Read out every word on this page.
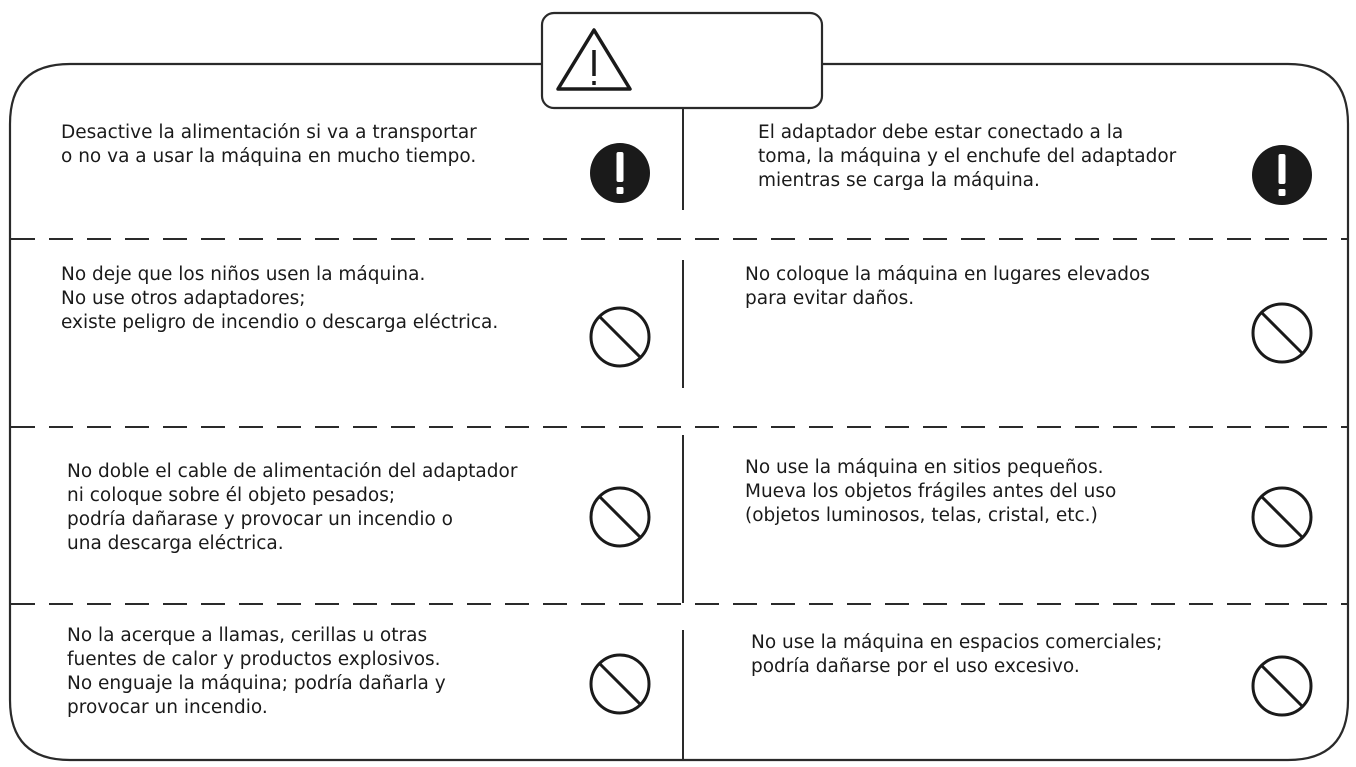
Desactive la alimentación si va a transportar
o no va a usar la máquina en mucho tiempo.
El adaptador debe estar conectado a la
toma, la máquina y el enchufe del adaptador
mientras se carga la máquina.
No deje que los niños usen la máquina.
No use otros adaptadores;
existe peligro de incendio o descarga eléctrica.
No coloque la máquina en lugares elevados
para evitar daños.
No doble el cable de alimentación del adaptador
ni coloque sobre él objeto pesados;
podría dañarase y provocar un incendio o
una descarga eléctrica.
No use la máquina en sitios pequeños.
Mueva los objetos frágiles antes del uso
(objetos luminosos, telas, cristal, etc.)
No la acerque a llamas, cerillas u otras
fuentes de calor y productos explosivos.
No enguaje la máquina; podría dañarla y
provocar un incendio.
No use la máquina en espacios comerciales;
podría dañarse por el uso excesivo.
